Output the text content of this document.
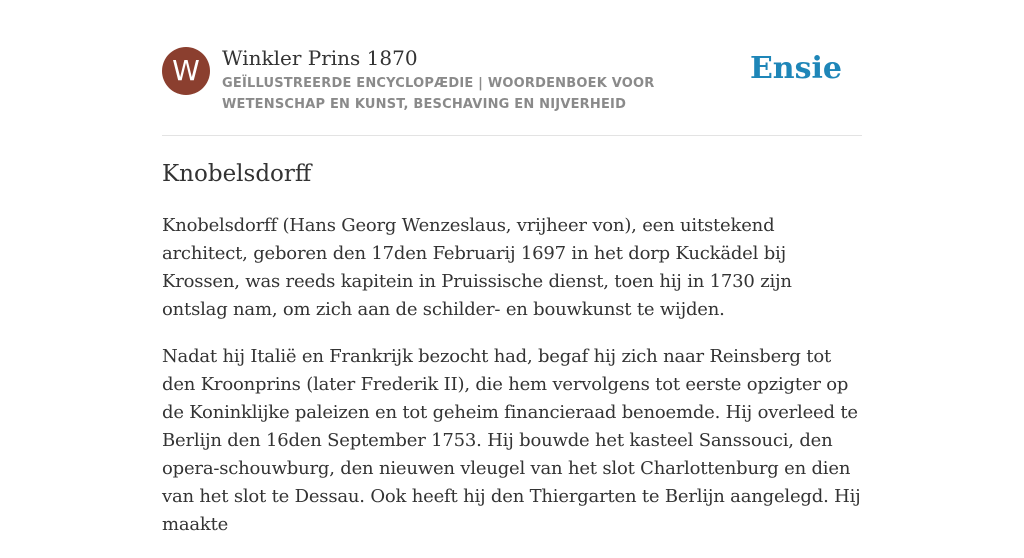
W	Winkler Prins 1870
GEÏLLUSTREERDE ENCYCLOPÆDIE | WOORDENBOEK VOOR WETENSCHAP EN KUNST, BESCHAVING EN NIJVERHEID
Ensie
Knobelsdorff

Knobelsdorff (Hans Georg Wenzeslaus, vrijheer von), een uitstekend architect, geboren den 17den Februarij 1697 in het dorp Kuckädel bij Krossen, was reeds kapitein in Pruissische dienst, toen hij in 1730 zijn ontslag nam, om zich aan de schilder- en bouwkunst te wijden.

Nadat hij Italië en Frankrijk bezocht had, begaf hij zich naar Reinsberg tot den Kroonprins (later Frederik II), die hem vervolgens tot eerste opzigter op de Koninklijke paleizen en tot geheim financieraad benoemde. Hij overleed te Berlijn den 16den September 1753. Hij bouwde het kasteel Sanssouci, den opera-schouwburg, den nieuwen vleugel van het slot Charlottenburg en dien van het slot te Dessau. Ook heeft hij den Thiergarten te Berlijn aangelegd. Hij maakte
